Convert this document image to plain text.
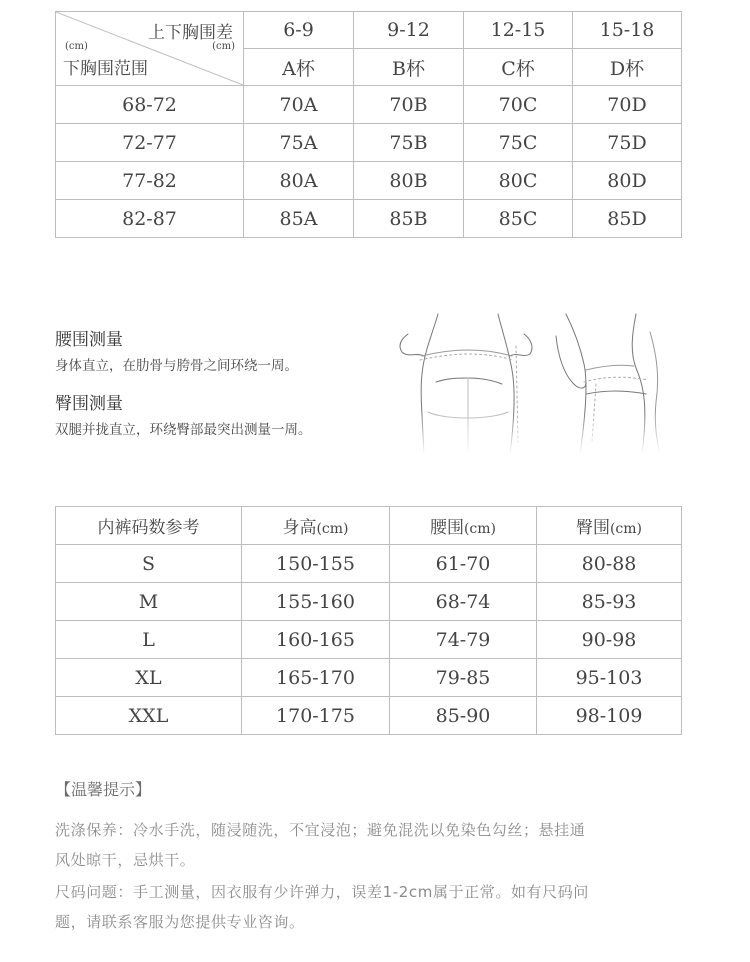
上下胸围差
(cm) (cm)
下胸围范围	6-9	9-12	12-15	15-18
	A杯	B杯	C杯	D杯
68-72	70A	70B	70C	70D
72-77	75A	75B	75C	75D
77-82	80A	80B	80C	80D
82-87	85A	85B	85C	85D
腰围测量

身体直立，在肋骨与胯骨之间环绕一周。

臀围测量

双腿并拢直立，环绕臀部最突出测量一周。

内裤码数参考	身高(cm)	腰围(cm)	臀围(cm)
S	150-155	61-70	80-88
M	155-160	68-74	85-93
L	160-165	74-79	90-98
XL	165-170	79-85	95-103
XXL	170-175	85-90	98-109
【温馨提示】
洗涤保养：冷水手洗，随浸随洗，不宜浸泡；避免混洗以免染色勾丝；悬挂通
风处晾干，忌烘干。
尺码问题：手工测量，因衣服有少许弹力，误差1-2cm属于正常。如有尺码问
题，请联系客服为您提供专业咨询。
